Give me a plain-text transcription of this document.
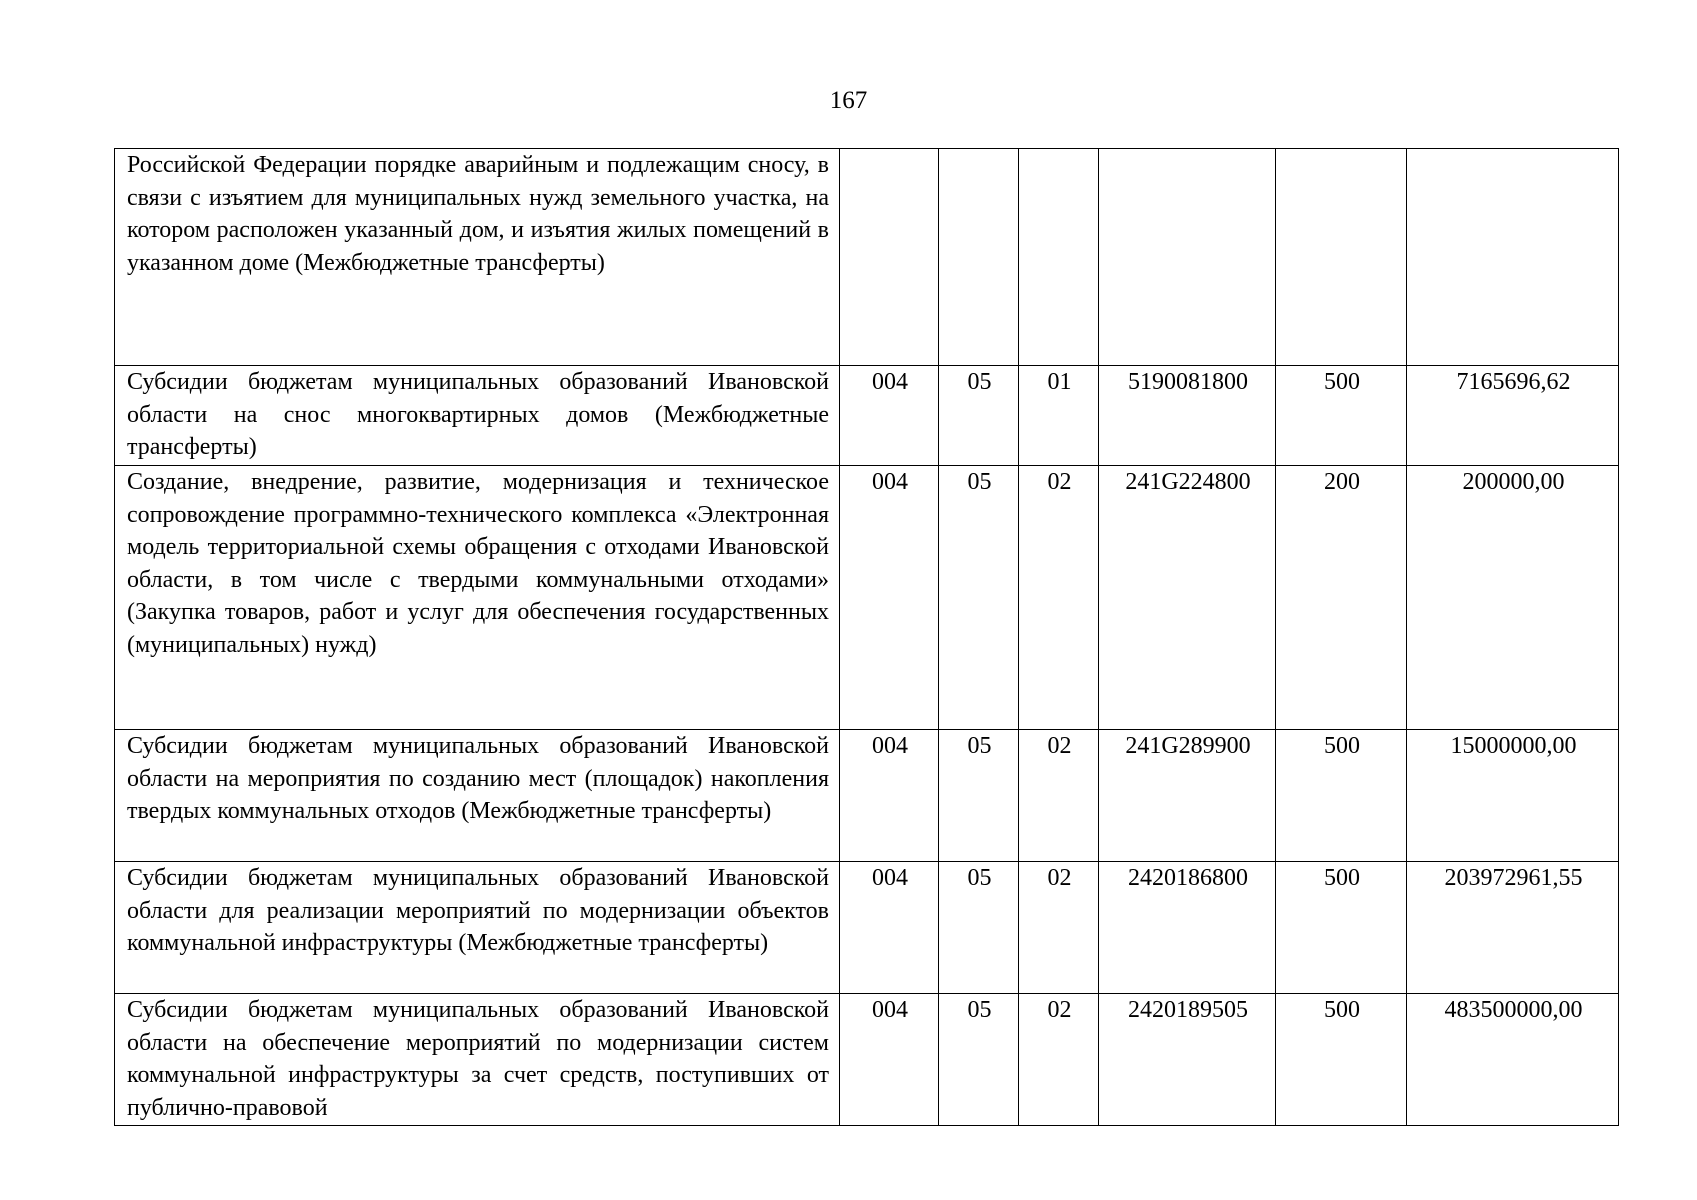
167
Российской Федерации порядке аварийным и подлежащим сносу, в связи с изъятием для муниципальных нужд земельного участка, на котором расположен указанный дом, и изъятия жилых помещений в указанном доме (Межбюджетные трансферты)						
Субсидии бюджетам муниципальных образований Ивановской области на снос многоквартирных домов (Межбюджетные трансферты)	004	05	01	5190081800	500	7165696,62
Создание, внедрение, развитие, модернизация и техническое сопровождение программно-технического комплекса «Электронная модель территориальной схемы обращения с отходами Ивановской области, в том числе с твердыми коммунальными отходами» (Закупка товаров, работ и услуг для обеспечения государственных (муниципальных) нужд)	004	05	02	241G224800	200	200000,00
Субсидии бюджетам муниципальных образований Ивановской области на мероприятия по созданию мест (площадок) накопления твердых коммунальных отходов (Межбюджетные трансферты)	004	05	02	241G289900	500	15000000,00
Субсидии бюджетам муниципальных образований Ивановской области для реализации мероприятий по модернизации объектов коммунальной инфраструктуры (Межбюджетные трансферты)	004	05	02	2420186800	500	203972961,55
Субсидии бюджетам муниципальных образований Ивановской области на обеспечение мероприятий по модернизации систем коммунальной инфраструктуры за счет средств, поступивших от публично-правовой	004	05	02	2420189505	500	483500000,00
